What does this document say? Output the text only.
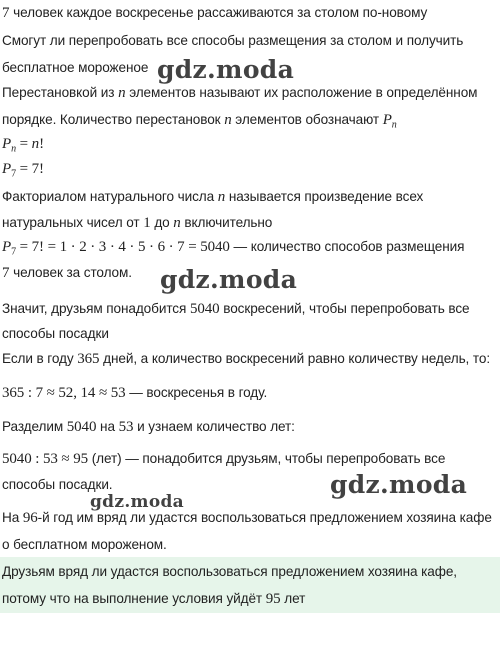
7 человек каждое воскресенье рассаживаются за столом по-новому
Смогут ли перепробовать все способы размещения за столом и получить
бесплатное мороженое
Перестановкой из n элементов называют их расположение в определённом
порядке. Количество перестановок n элементов обозначают $P_n$
$P_n = n$!
$P_7 = 7$!
Факториалом натурального числа n называется произведение всех
натуральных чисел от 1 до n включительно
$P_7 = 7$! = 1 · 2 · 3 · 4 · 5 · 6 · 7 = 5040 — количество способов размещения
7 человек за столом.
Значит, друзьям понадобится 5040 воскресений, чтобы перепробовать все
способы посадки
Если в году 365 дней, а количество воскресений равно количеству недель, то:
365 : 7 ≈ 52, 14 ≈ 53 — воскресенья в году.
Разделим 5040 на 53 и узнаем количество лет:
5040 : 53 ≈ 95 (лет) — понадобится друзьям, чтобы перепробовать все
способы посадки.
На 96-й год им вряд ли удастся воспользоваться предложением хозяина кафе
о бесплатном мороженом.
Друзьям вряд ли удастся воспользоваться предложением хозяина кафе,
потому что на выполнение условия уйдёт 95 лет
gdz.moda
gdz.moda
gdz.moda
gdz.moda
